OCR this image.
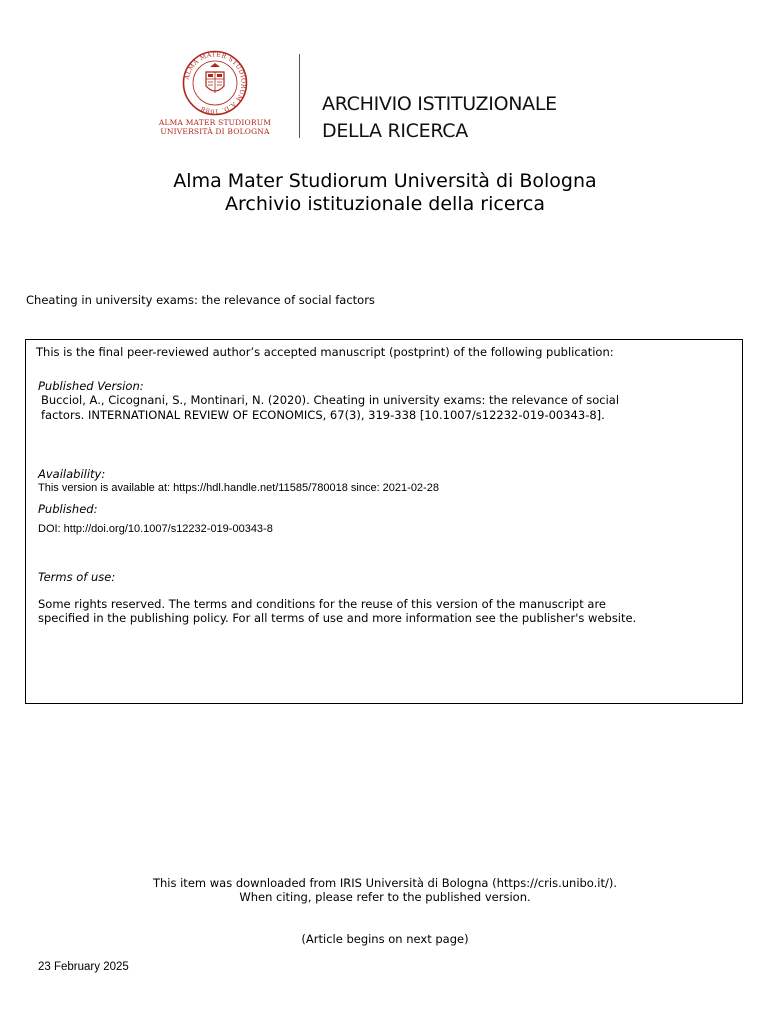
ALMA MATER STUDIORUM A.D. 1088
ALMA MATER STUDIORUM
UNIVERSITÀ DI BOLOGNA
ARCHIVIO ISTITUZIONALE
DELLA RICERCA
Alma Mater Studiorum Università di Bologna
Archivio istituzionale della ricerca
Cheating in university exams: the relevance of social factors
This is the final peer-reviewed author’s accepted manuscript (postprint) of the following publication:
Published Version:
Bucciol, A., Cicognani, S., Montinari, N. (2020). Cheating in university exams: the relevance of social
factors. INTERNATIONAL REVIEW OF ECONOMICS, 67(3), 319-338 [10.1007/s12232-019-00343-8].
Availability:
This version is available at: https://hdl.handle.net/11585/780018 since: 2021-02-28
Published:
DOI: http://doi.org/10.1007/s12232-019-00343-8
Terms of use:
Some rights reserved. The terms and conditions for the reuse of this version of the manuscript are
specified in the publishing policy. For all terms of use and more information see the publisher's website.
This item was downloaded from IRIS Università di Bologna (https://cris.unibo.it/).
When citing, please refer to the published version.
(Article begins on next page)
23 February 2025
